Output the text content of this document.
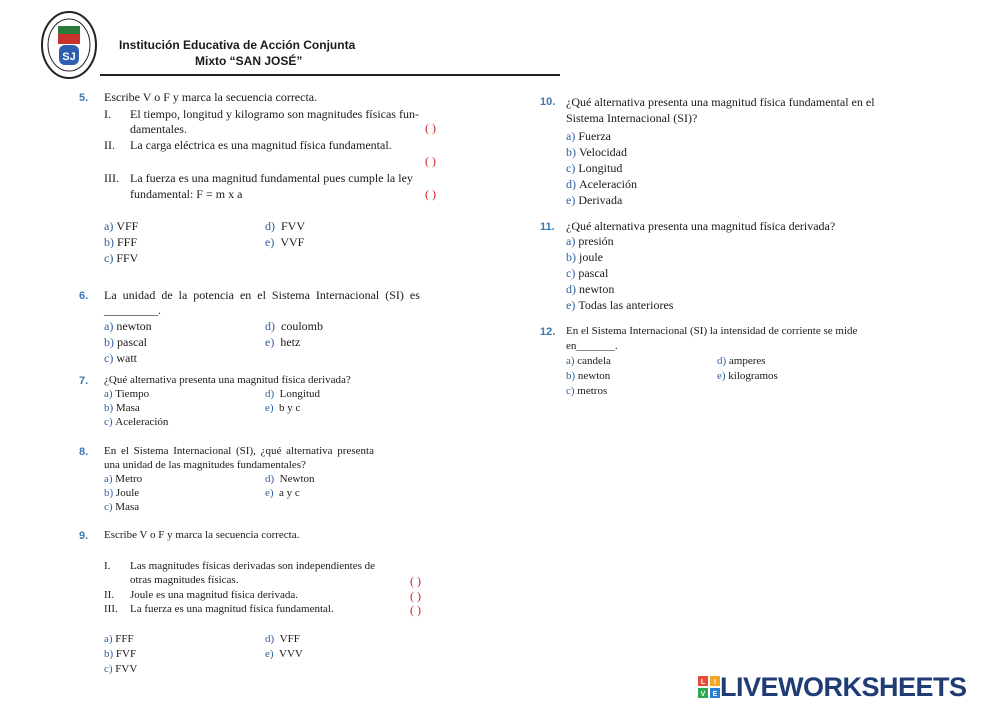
SJ
Institución Educativa de Acción Conjunta
Mixto “SAN JOSÉ”
5. Escribe V o F y marca la secuencia correcta.
I. El tiempo, longitud y kilogramo son magnitudes físicas fun-
damentales.	( )
II. La carga eléctrica es una magnitud física fundamental.
( )
III. La fuerza es una magnitud fundamental pues cumple la ley
fundamental: F = m x a	( )
a) VFF	d) FVV
b) FFF	e) VVF
c) FFV
6. La unidad de la potencia en el Sistema Internacional (SI) es
_________.
a) newton	d) coulomb
b) pascal	e) hetz
c) watt
7. ¿Qué alternativa presenta una magnitud física derivada?
a) Tiempo	d) Longitud
b) Masa	e) b y c
c) Aceleración
8. En el Sistema Internacional (SI), ¿qué alternativa presenta
una unidad de las magnitudes fundamentales?
a) Metro	d) Newton
b) Joule	e) a y c
c) Masa
9. Escribe V o F y marca la secuencia correcta.
I. Las magnitudes físicas derivadas son independientes de
otras magnitudes físicas.	( )
II. Joule es una magnitud física derivada.	( )
III. La fuerza es una magnitud física fundamental.	( )
a) FFF	d) VFF
b) FVF	e) VVV
c) FVV
10. ¿Qué alternativa presenta una magnitud física fundamental en el
Sistema Internacional (SI)?
a) Fuerza
b) Velocidad
c) Longitud
d) Aceleración
e) Derivada
11. ¿Qué alternativa presenta una magnitud física derivada?
a) presión
b) joule
c) pascal
d) newton
e) Todas las anteriores
12. En el Sistema Internacional (SI) la intensidad de corriente se mide
en_______.
a) candela	d) amperes
b) newton	e) kilogramos
c) metros
L I
V E LIVEWORKSHEETS
